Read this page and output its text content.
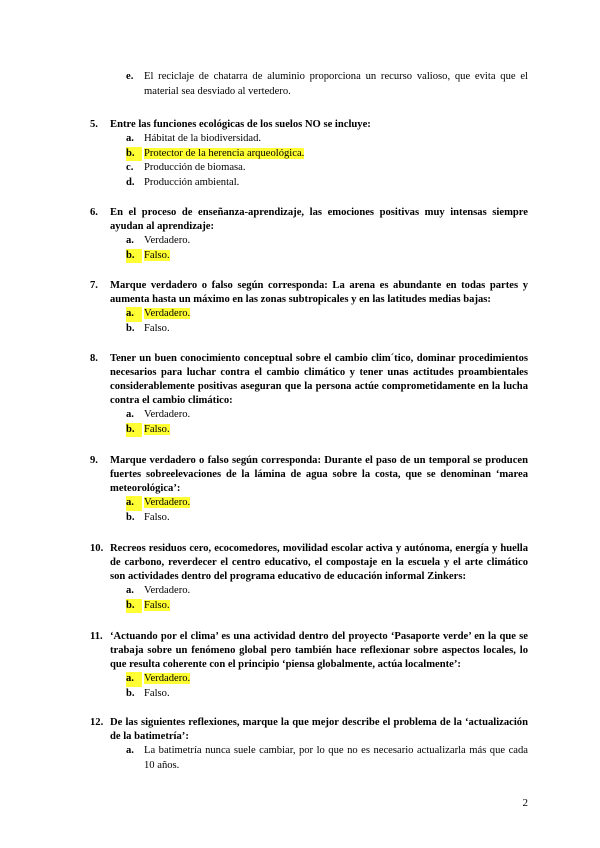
e.	El reciclaje de chatarra de aluminio proporciona un recurso valioso, que evita que el material sea desviado al vertedero.
5.	Entre las funciones ecológicas de los suelos NO se incluye:
a. Hábitat de la biodiversidad.
b. Protector de la herencia arqueológica.
c.	Producción de biomasa.
d. Producción ambiental.
6.	En el proceso de enseñanza-aprendizaje, las emociones positivas muy intensas siempre ayudan al aprendizaje:
a. Verdadero.
b. Falso.
7.	Marque verdadero o falso según corresponda: La arena es abundante en todas partes y aumenta hasta un máximo en las zonas subtropicales y en las latitudes medias bajas:
a. Verdadero.
b. Falso.
8.	Tener un buen conocimiento conceptual sobre el cambio clim´tico, dominar procedimientos necesarios para luchar contra el cambio climático y tener unas actitudes proambientales considerablemente positivas aseguran que la persona actúe comprometidamente en la lucha contra el cambio climático:
a. Verdadero.
b. Falso.
9.	Marque verdadero o falso según corresponda: Durante el paso de un temporal se producen fuertes sobreelevaciones de la lámina de agua sobre la costa, que se denominan ‘marea meteorológica’:
a. Verdadero.
b. Falso.
10. Recreos residuos cero, ecocomedores, movilidad escolar activa y autónoma, energía y huella de carbono, reverdecer el centro educativo, el compostaje en la escuela y el arte climático son actividades dentro del programa educativo de educación informal Zinkers:
a. Verdadero.
b. Falso.
11. ‘Actuando por el clima’ es una actividad dentro del proyecto ‘Pasaporte verde’ en la que se trabaja sobre un fenómeno global pero también hace reflexionar sobre aspectos locales, lo que resulta coherente con el principio ‘piensa globalmente, actúa localmente’:
a. Verdadero.
b. Falso.
12. De las siguientes reflexiones, marque la que mejor describe el problema de la ‘actualización de la batimetría’:
a. La batimetría nunca suele cambiar, por lo que no es necesario actualizarla más que cada 10 años.
2
